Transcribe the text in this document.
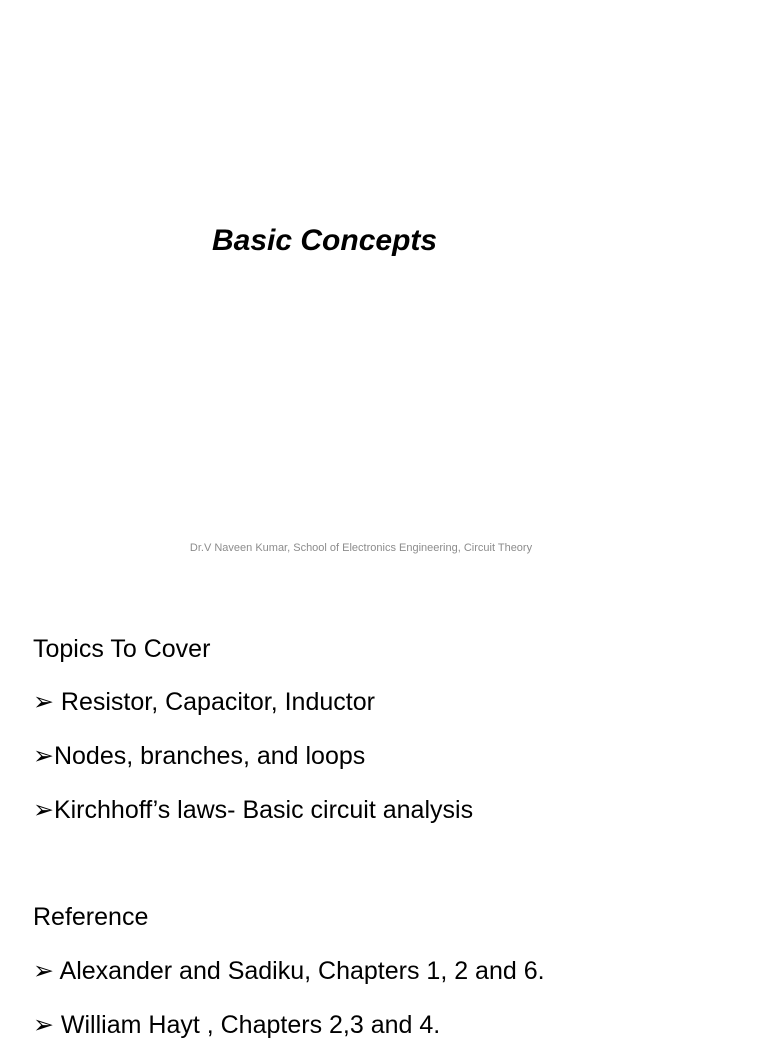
Basic Concepts
Dr.V Naveen Kumar, School of Electronics Engineering, Circuit Theory
Topics To Cover
➢ Resistor, Capacitor, Inductor
➢Nodes, branches, and loops
➢Kirchhoff’s laws- Basic circuit analysis
Reference
➢ Alexander and Sadiku, Chapters 1, 2 and 6.
➢ William Hayt , Chapters 2,3 and 4.
